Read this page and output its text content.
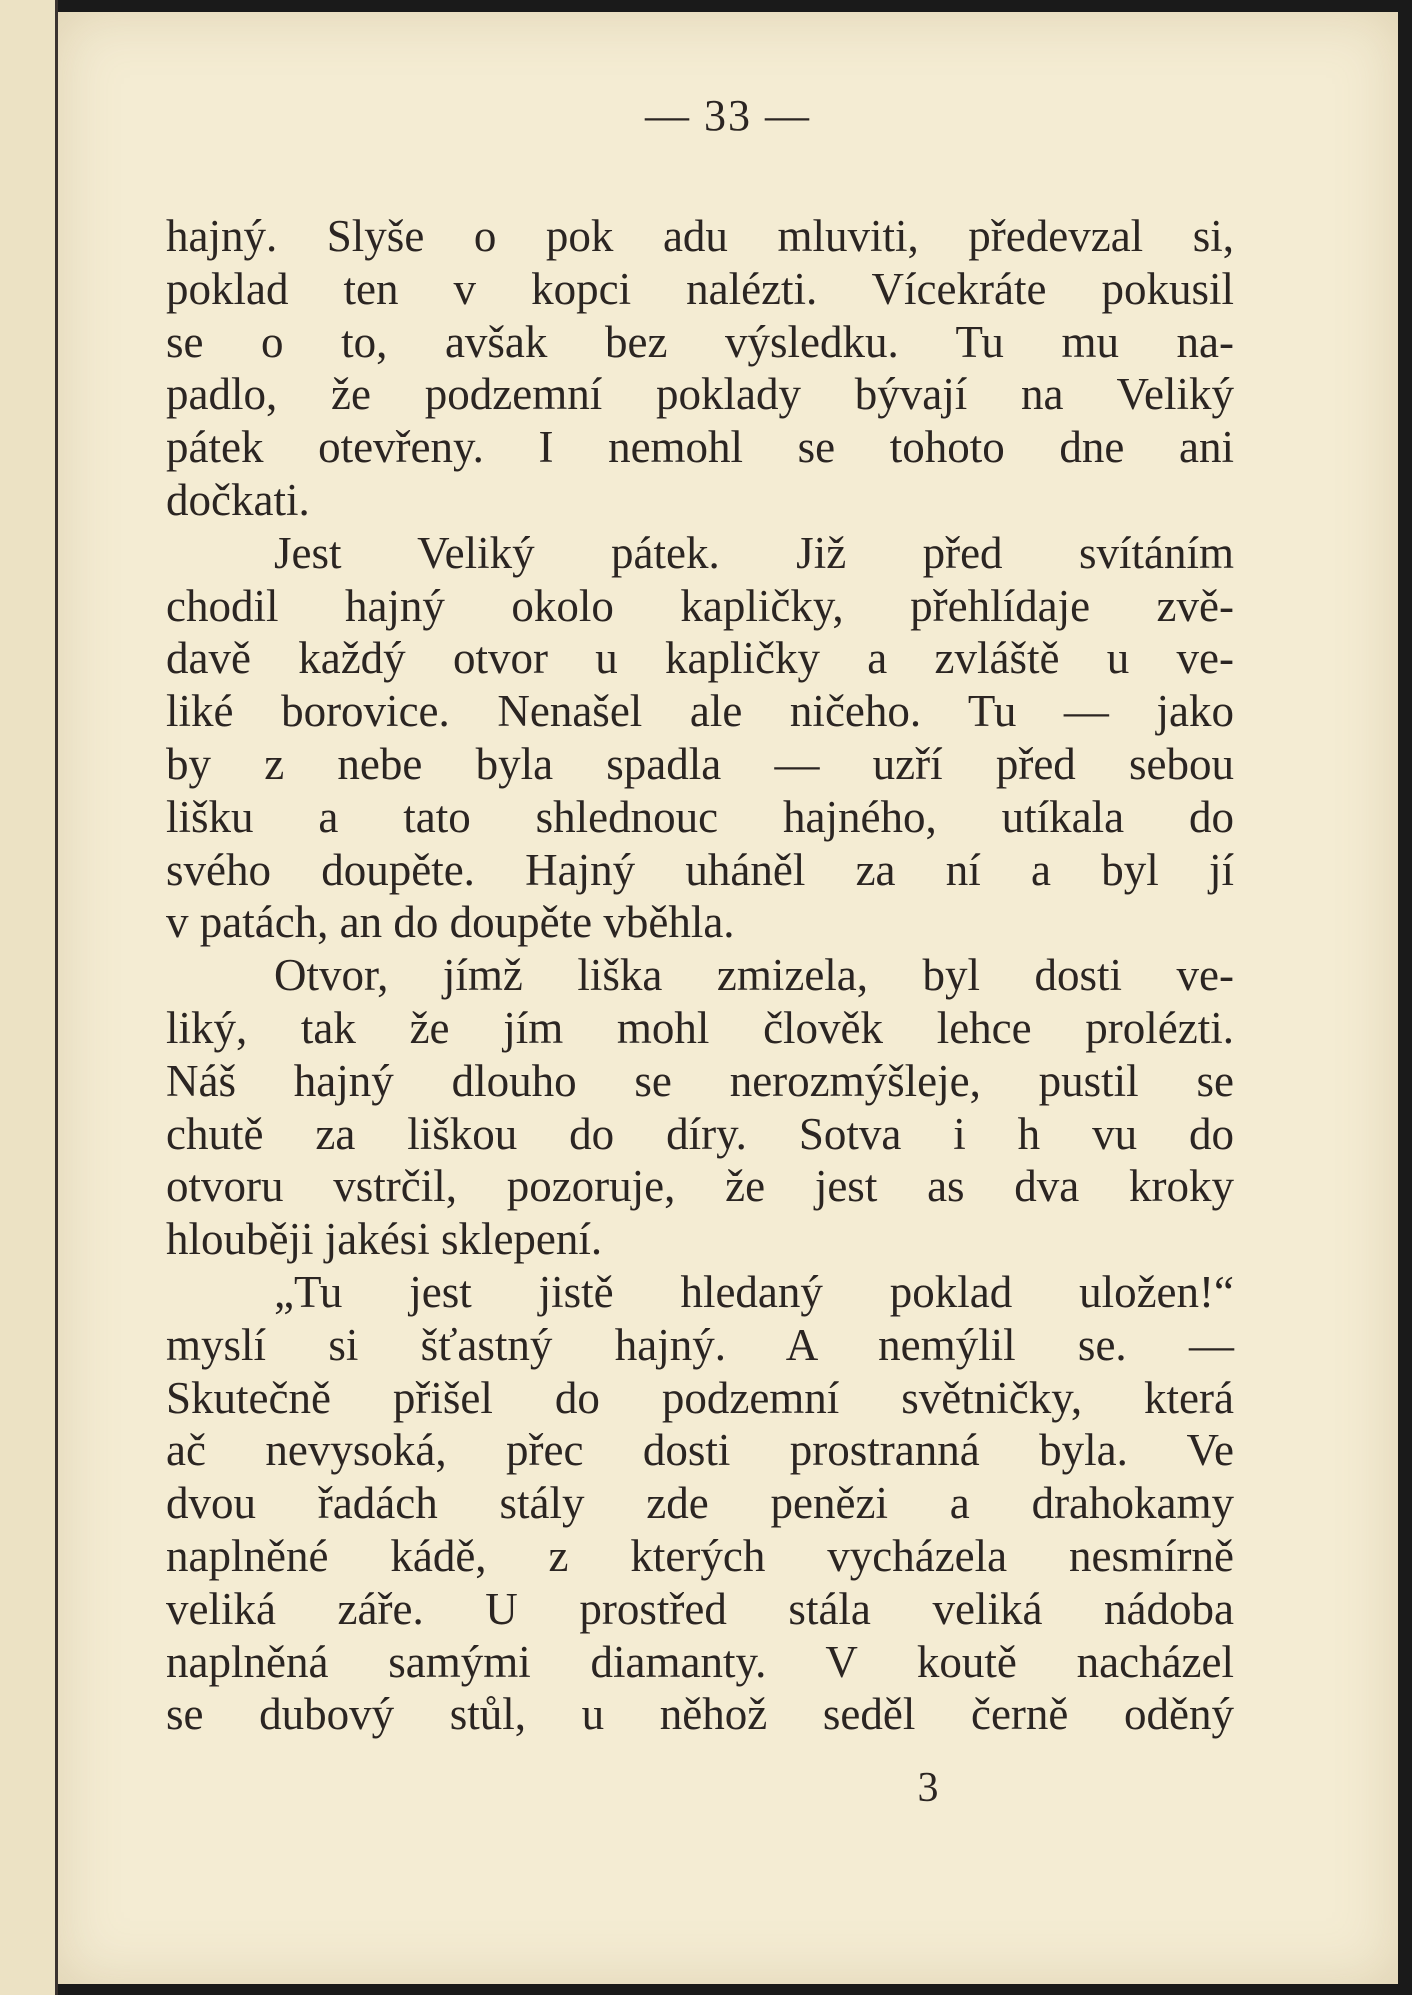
— 33 —
hajný. Slyše o pok adu mluviti, předevzal si,
poklad ten v kopci nalézti. Vícekráte pokusil
se o to, avšak bez výsledku. Tu mu na-
padlo, že podzemní poklady bývají na Veliký
pátek otevřeny. I nemohl se tohoto dne ani
dočkati.
Jest Veliký pátek. Již před svítáním
chodil hajný okolo kapličky, přehlídaje zvě-
davě každý otvor u kapličky a zvláště u ve-
liké borovice. Nenašel ale ničeho. Tu — jako
by z nebe byla spadla — uzří před sebou
lišku a tato shlednouc hajného, utíkala do
svého doupěte. Hajný uháněl za ní a byl jí
v patách, an do doupěte vběhla.
Otvor, jímž liška zmizela, byl dosti ve-
liký, tak že jím mohl člověk lehce prolézti.
Náš hajný dlouho se nerozmýšleje, pustil se
chutě za liškou do díry. Sotva i h vu do
otvoru vstrčil, pozoruje, že jest as dva kroky
hlouběji jakési sklepení.
„Tu jest jistě hledaný poklad uložen!“
myslí si šťastný hajný. A nemýlil se. —
Skutečně přišel do podzemní světničky, která
ač nevysoká, přec dosti prostranná byla. Ve
dvou řadách stály zde penězi a drahokamy
naplněné kádě, z kterých vycházela nesmírně
veliká záře. U prostřed stála veliká nádoba
naplněná samými diamanty. V koutě nacházel
se dubový stůl, u něhož seděl černě oděný
3
